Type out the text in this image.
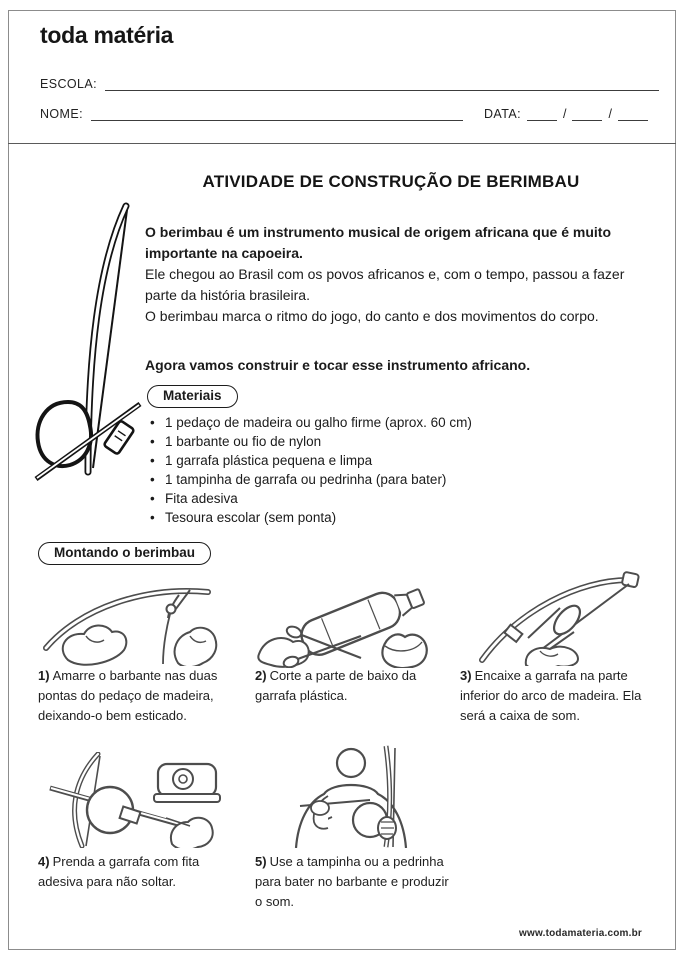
toda matéria
ESCOLA:
NOME:	DATA:	/	/
ATIVIDADE DE CONSTRUÇÃO DE BERIMBAU

O berimbau é um instrumento musical de origem africana que é muito importante na capoeira.

Ele chegou ao Brasil com os povos africanos e, com o tempo, passou a fazer parte da história brasileira.

O berimbau marca o ritmo do jogo, do canto e dos movimentos do corpo.

Agora vamos construir e tocar esse instrumento africano.
Materiais
• 1 pedaço de madeira ou galho firme (aprox. 60 cm)
• 1 barbante ou fio de nylon
• 1 garrafa plástica pequena e limpa
• 1 tampinha de garrafa ou pedrinha (para bater)
• Fita adesiva
• Tesoura escolar (sem ponta)
Montando o berimbau
1) Amarre o barbante nas duas pontas do pedaço de madeira, deixando-o bem esticado.
2) Corte a parte de baixo da garrafa plástica.
3) Encaixe a garrafa na parte inferior do arco de madeira. Ela será a caixa de som.
4) Prenda a garrafa com fita adesiva para não soltar.
5) Use a tampinha ou a pedrinha para bater no barbante e produzir o som.
www.todamateria.com.br
